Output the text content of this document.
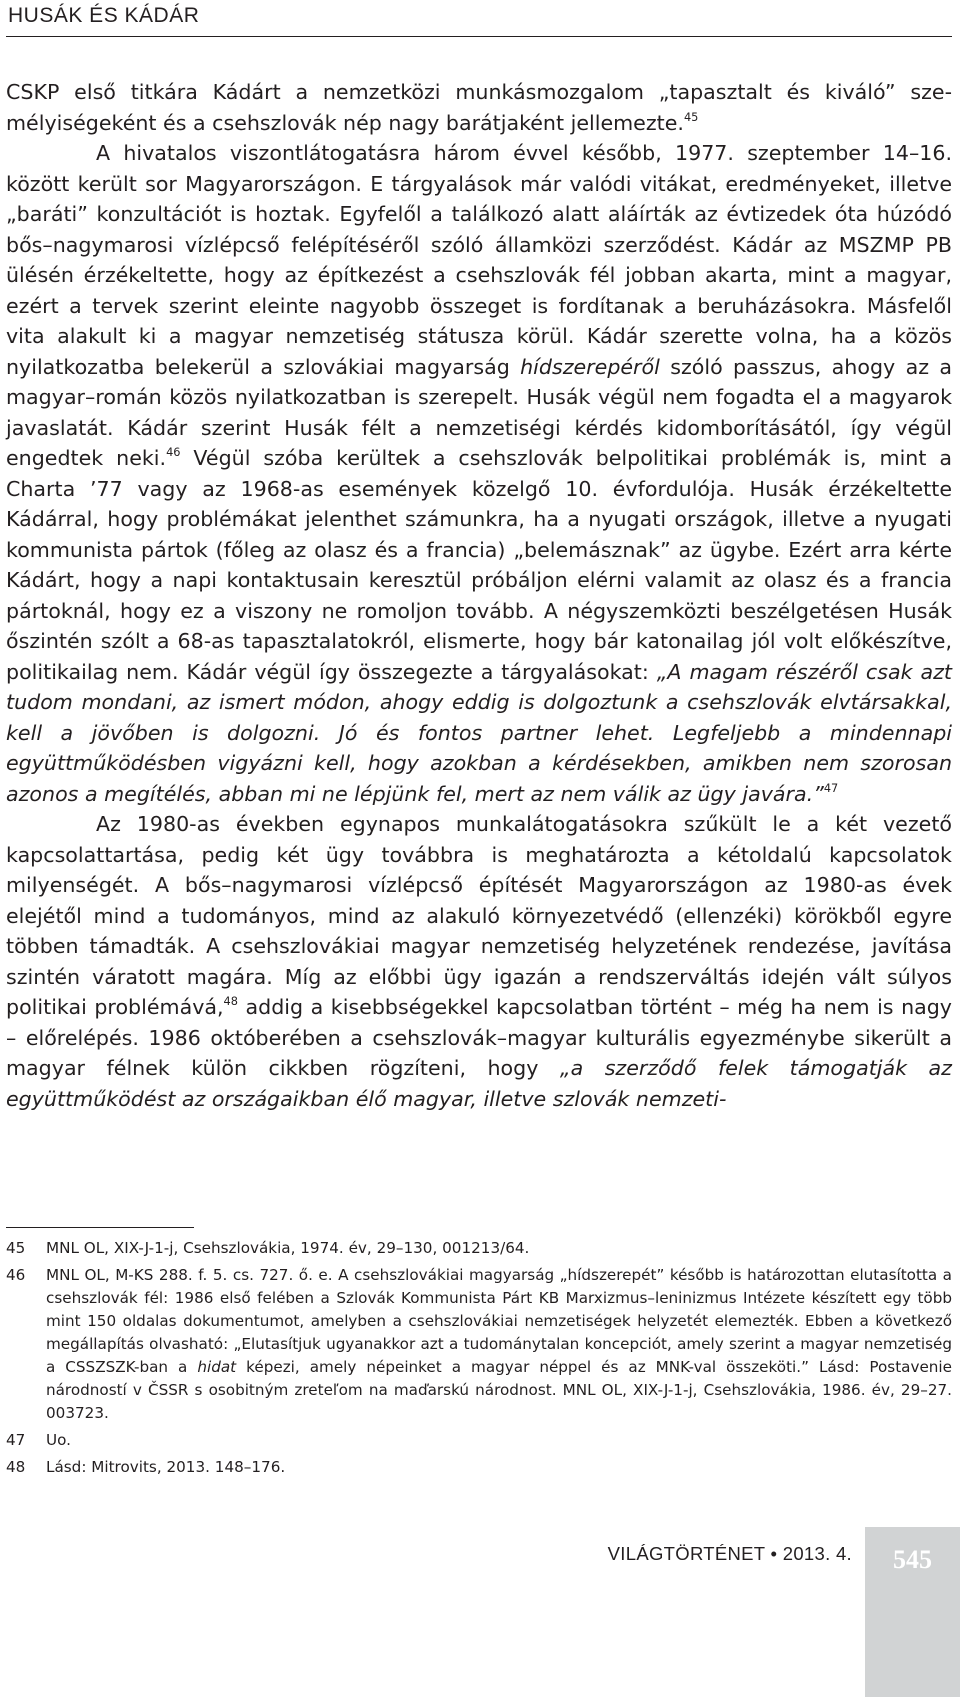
HUSÁK ÉS KÁDÁR

CSKP első titkára Kádárt a nemzetközi munkásmozgalom „tapasztalt és kiváló” személyiségeként és a csehszlovák nép nagy barátjaként jellemezte.$^{45}$

A hivatalos viszontlátogatásra három évvel később, 1977. szeptember 14–16. között került sor Magyarországon. E tárgyalások már valódi vitákat, eredményeket, illetve „baráti” konzultációt is hoztak. Egyfelől a találkozó alatt aláírták az évtizedek óta húzódó bős–nagymarosi vízlépcső felépítéséről szóló államközi szerződést. Kádár az MSZMP PB ülésén érzékeltette, hogy az építkezést a csehszlovák fél jobban akarta, mint a magyar, ezért a tervek szerint eleinte nagyobb összeget is fordítanak a beruházásokra. Másfelől vita alakult ki a magyar nemzetiség státusza körül. Kádár szerette volna, ha a közös nyilatkozatba belekerül a szlovákiai magyarság hídszerepéről szóló passzus, ahogy az a magyar–román közös nyilatkozatban is szerepelt. Husák végül nem fogadta el a magyarok javaslatát. Kádár szerint Husák félt a nemzetiségi kérdés kidomborításától, így végül engedtek neki.$^{46}$ Végül szóba kerültek a csehszlovák belpolitikai problémák is, mint a Charta ’77 vagy az 1968-as események közelgő 10. évfordulója. Husák érzékeltette Kádárral, hogy problémákat jelenthet számunkra, ha a nyugati országok, illetve a nyugati kommunista pártok (főleg az olasz és a francia) „belemásznak” az ügybe. Ezért arra kérte Kádárt, hogy a napi kontaktusain keresztül próbáljon elérni valamit az olasz és a francia pártoknál, hogy ez a viszony ne romoljon tovább. A négyszemközti beszélgetésen Husák őszintén szólt a 68-as tapasztalatokról, elismerte, hogy bár katonailag jól volt előkészítve, politikailag nem. Kádár végül így összegezte a tárgyalásokat: „A magam részéről csak azt tudom mondani, az ismert módon, ahogy eddig is dolgoztunk a csehszlovák elvtársakkal, kell a jövőben is dolgozni. Jó és fontos partner lehet. Legfeljebb a mindennapi együttműködésben vigyázni kell, hogy azokban a kérdésekben, amikben nem szorosan azonos a megítélés, abban mi ne lépjünk fel, mert az nem válik az ügy javára.”$^{47}$

Az 1980-as években egynapos munkalátogatásokra szűkült le a két vezető kapcsolattartása, pedig két ügy továbbra is meghatározta a kétoldalú kapcsolatok milyenségét. A bős–nagymarosi vízlépcső építését Magyarországon az 1980-as évek elejétől mind a tudományos, mind az alakuló környezetvédő (ellenzéki) körökből egyre többen támadták. A csehszlovákiai magyar nemzetiség helyzetének rendezése, javítása szintén váratott magára. Míg az előbbi ügy igazán a rendszerváltás idején vált súlyos politikai problémává,$^{48}$ addig a kisebbségekkel kapcsolatban történt – még ha nem is nagy – előrelépés. 1986 októberében a csehszlovák–magyar kulturális egyezménybe sikerült a magyar félnek külön cikkben rögzíteni, hogy „a szerződő felek támogatják az együttműködést az országaikban élő magyar, illetve szlovák nemzeti-

45	MNL OL, XIX-J-1-j, Csehszlovákia, 1974. év, 29–130, 001213/64.
46	MNL OL, M-KS 288. f. 5. cs. 727. ő. e. A csehszlovákiai magyarság „hídszerepét” később is határozottan elutasította a csehszlovák fél: 1986 első felében a Szlovák Kommunista Párt KB Marxizmus–leninizmus Intézete készített egy több mint 150 oldalas dokumentumot, amelyben a csehszlovákiai nemzetiségek helyzetét elemezték. Ebben a következő megállapítás olvasható: „Elutasítjuk ugyanakkor azt a tudománytalan koncepciót, amely szerint a magyar nemzetiség a CSSZSZK-ban a hidat képezi, amely népeinket a magyar néppel és az MNK-val összeköti.” Lásd: Postavenie národností v ČSSR s osobitným zreteľom na maďarskú národnost. MNL OL, XIX-J-1-j, Csehszlovákia, 1986. év, 29–27. 003723.
47	Uo.
48	Lásd: Mitrovits, 2013. 148–176.
VILÁGTÖRTÉNET • 2013. 4.	545
